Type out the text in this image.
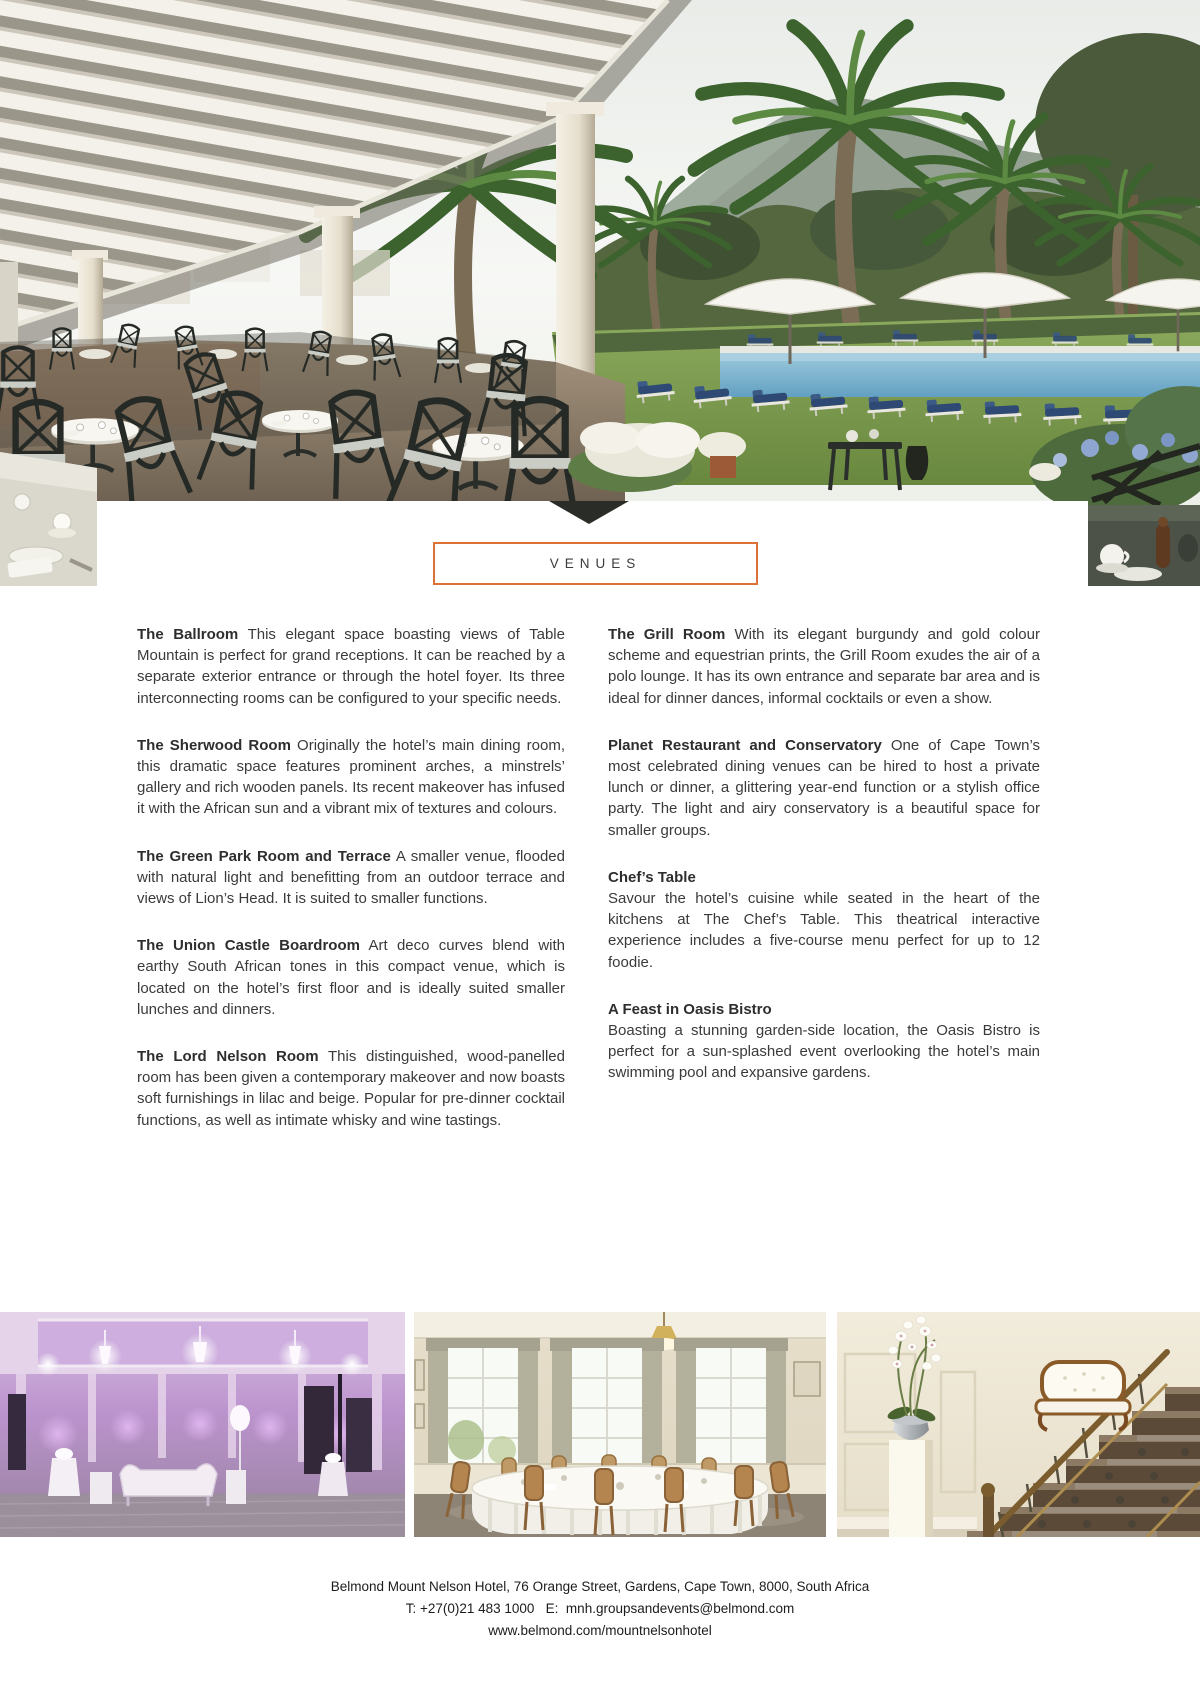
VENUES

The Ballroom This elegant space boasting views of Table Mountain is perfect for grand receptions. It can be reached by a separate exterior entrance or through the hotel foyer. Its three interconnecting rooms can be configured to your specific needs.

The Sherwood Room Originally the hotel’s main dining room, this dramatic space features prominent arches, a minstrels’ gallery and rich wooden panels. Its recent makeover has infused it with the African sun and a vibrant mix of textures and colours.

The Green Park Room and Terrace A smaller venue, flooded with natural light and benefitting from an outdoor terrace and views of Lion’s Head. It is suited to smaller functions.

The Union Castle Boardroom Art deco curves blend with earthy South African tones in this compact venue, which is located on the hotel’s first floor and is ideally suited smaller lunches and dinners.

The Lord Nelson Room This distinguished, wood-panelled room has been given a contemporary makeover and now boasts soft furnishings in lilac and beige. Popular for pre-dinner cocktail functions, as well as intimate whisky and wine tastings.

The Grill Room With its elegant burgundy and gold colour scheme and equestrian prints, the Grill Room exudes the air of a polo lounge. It has its own entrance and separate bar area and is ideal for dinner dances, informal cocktails or even a show.

Planet Restaurant and Conservatory One of Cape Town’s most celebrated dining venues can be hired to host a private lunch or dinner, a glittering year-end function or a stylish office party. The light and airy conservatory is a beautiful space for smaller groups.

Chef’s Table
Savour the hotel’s cuisine while seated in the heart of the kitchens at The Chef’s Table. This theatrical interactive experience includes a five-course menu perfect for up to 12 foodie.

A Feast in Oasis Bistro
Boasting a stunning garden-side location, the Oasis Bistro is perfect for a sun-splashed event overlooking the hotel’s main swimming pool and expansive gardens.

Belmond Mount Nelson Hotel, 76 Orange Street, Gardens, Cape Town, 8000, South Africa
T: +27(0)21 483 1000   E:  mnh.groupsandevents@belmond.com
www.belmond.com/mountnelsonhotel
